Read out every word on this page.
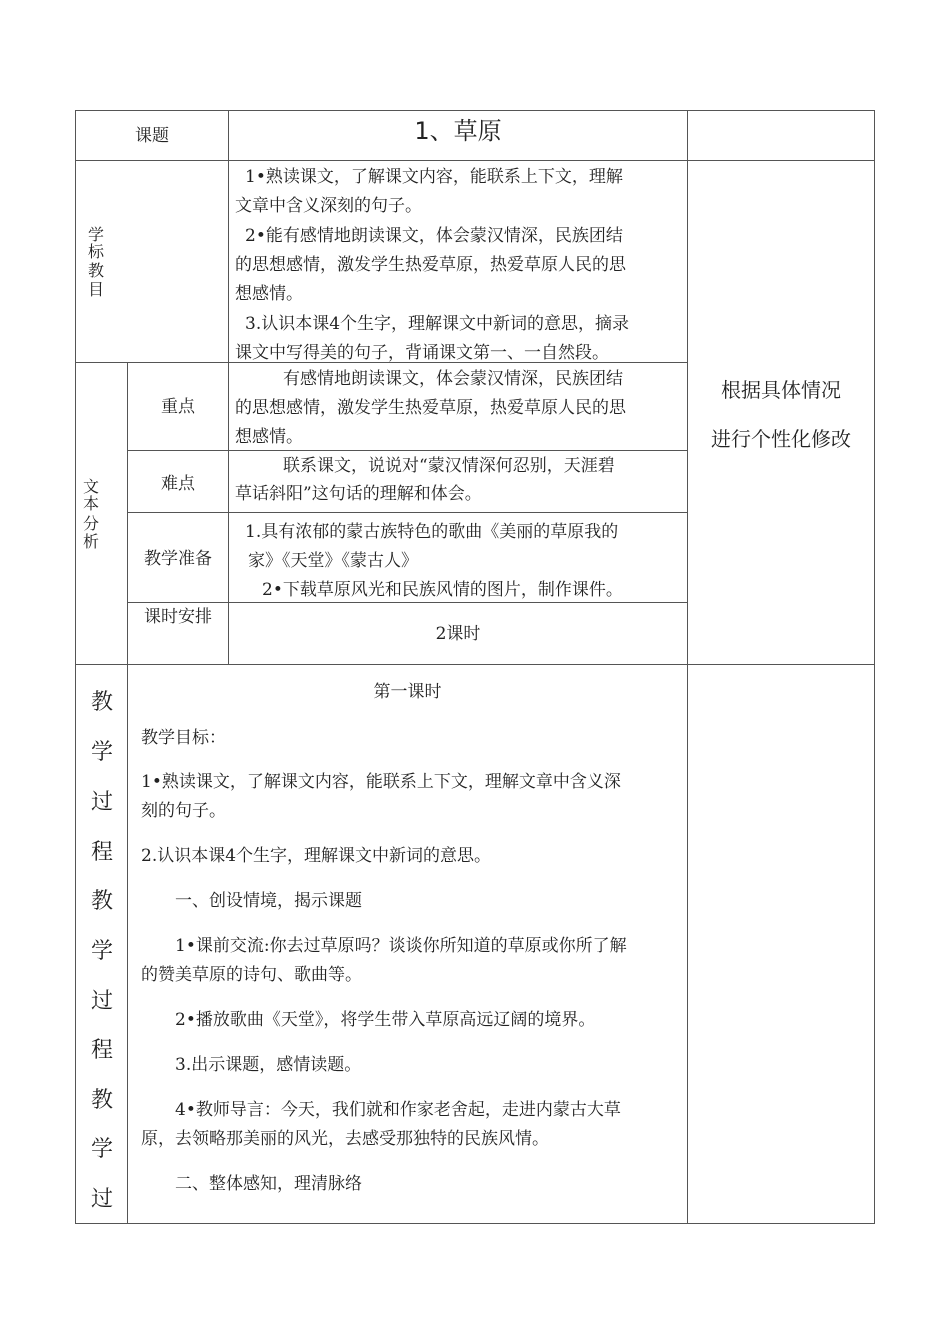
课题	1、草原
学
标
教
目
1•熟读课文，了解课文内容，能联系上下文，理解
文章中含义深刻的句子。
2•能有感情地朗读课文，体会蒙汉情深，民族团结
的思想感情，激发学生热爱草原，热爱草原人民的思
想感情。
3.认识本课4个生字，理解课文中新词的意思，摘录
课文中写得美的句子，背诵课文第一、一自然段。
根据具体情况
进行个性化修改
文
本
分
析
重点
有感情地朗读课文，体会蒙汉情深，民族团结
的思想感情，激发学生热爱草原，热爱草原人民的思
想感情。
难点
联系课文，说说对“蒙汉情深何忍别，天涯碧
草话斜阳”这句话的理解和体会。
教学准备
1.具有浓郁的蒙古族特色的歌曲《美丽的草原我的
家》《天堂》《蒙古人》
2•下载草原风光和民族风情的图片，制作课件。
课时安排
2课时
教
学
过
程
教
学
过
程
教
学
过
第一课时
教学目标：
1•熟读课文，了解课文内容，能联系上下文，理解文章中含义深
刻的句子。
2.认识本课4个生字，理解课文中新词的意思。
一、创设情境，揭示课题
1•课前交流:你去过草原吗？谈谈你所知道的草原或你所了解
的赞美草原的诗句、歌曲等。
2•播放歌曲《天堂》，将学生带入草原高远辽阔的境界。
3.出示课题，感情读题。
4•教师导言：今天，我们就和作家老舍起，走进内蒙古大草
原，去领略那美丽的风光，去感受那独特的民族风情。
二、整体感知，理清脉络
